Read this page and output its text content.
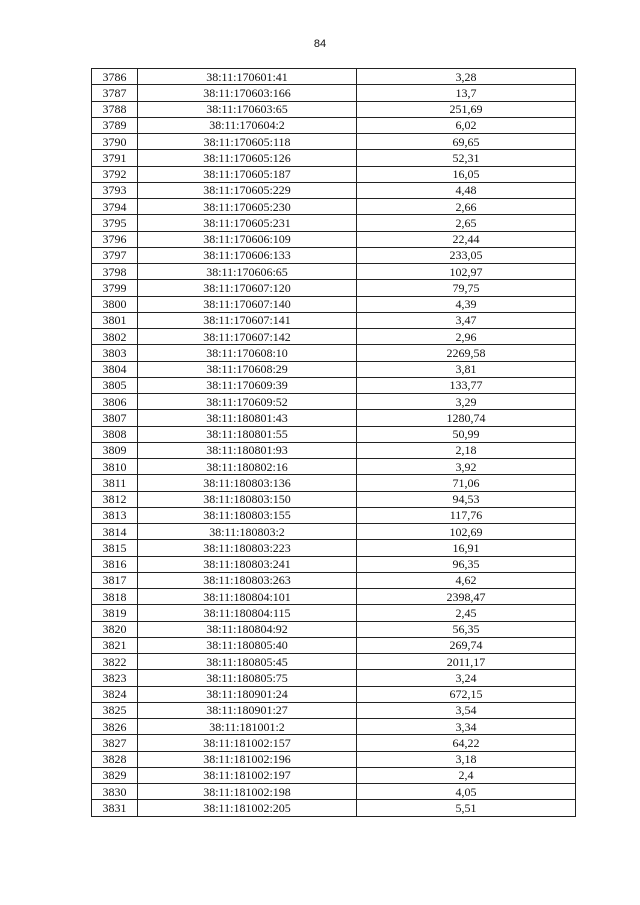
84
3786	38:11:170601:41	3,28
3787	38:11:170603:166	13,7
3788	38:11:170603:65	251,69
3789	38:11:170604:2	6,02
3790	38:11:170605:118	69,65
3791	38:11:170605:126	52,31
3792	38:11:170605:187	16,05
3793	38:11:170605:229	4,48
3794	38:11:170605:230	2,66
3795	38:11:170605:231	2,65
3796	38:11:170606:109	22,44
3797	38:11:170606:133	233,05
3798	38:11:170606:65	102,97
3799	38:11:170607:120	79,75
3800	38:11:170607:140	4,39
3801	38:11:170607:141	3,47
3802	38:11:170607:142	2,96
3803	38:11:170608:10	2269,58
3804	38:11:170608:29	3,81
3805	38:11:170609:39	133,77
3806	38:11:170609:52	3,29
3807	38:11:180801:43	1280,74
3808	38:11:180801:55	50,99
3809	38:11:180801:93	2,18
3810	38:11:180802:16	3,92
3811	38:11:180803:136	71,06
3812	38:11:180803:150	94,53
3813	38:11:180803:155	117,76
3814	38:11:180803:2	102,69
3815	38:11:180803:223	16,91
3816	38:11:180803:241	96,35
3817	38:11:180803:263	4,62
3818	38:11:180804:101	2398,47
3819	38:11:180804:115	2,45
3820	38:11:180804:92	56,35
3821	38:11:180805:40	269,74
3822	38:11:180805:45	2011,17
3823	38:11:180805:75	3,24
3824	38:11:180901:24	672,15
3825	38:11:180901:27	3,54
3826	38:11:181001:2	3,34
3827	38:11:181002:157	64,22
3828	38:11:181002:196	3,18
3829	38:11:181002:197	2,4
3830	38:11:181002:198	4,05
3831	38:11:181002:205	5,51
